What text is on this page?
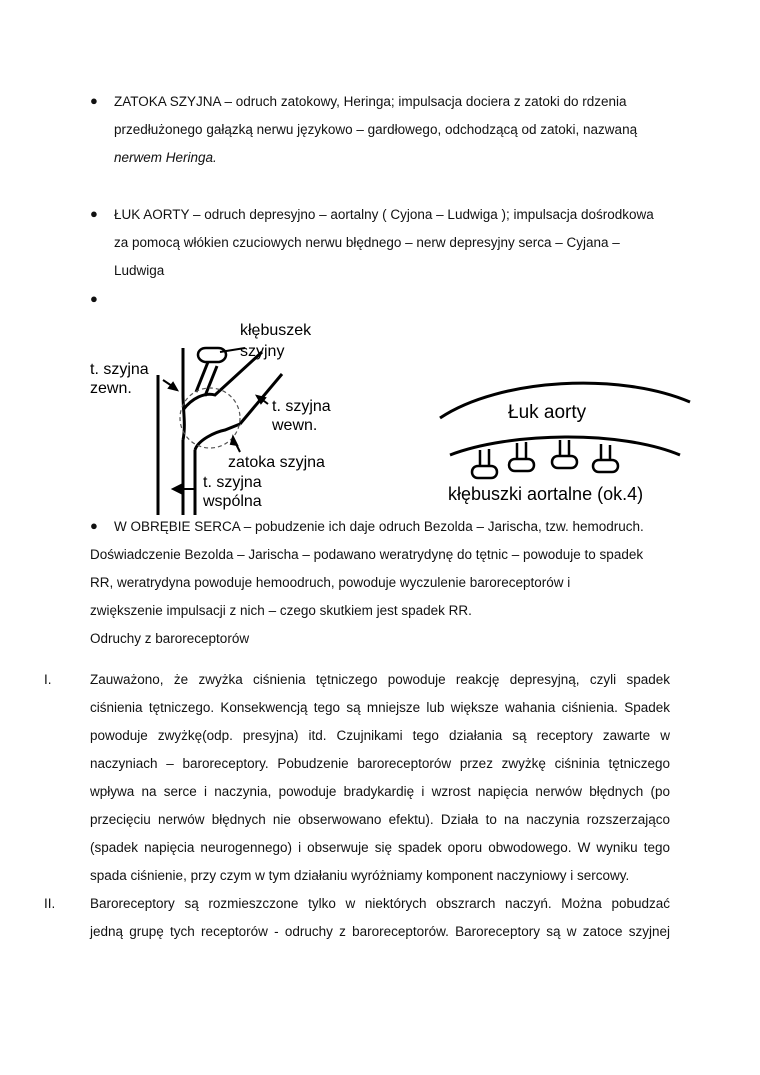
● ZATOKA SZYJNA – odruch zatokowy, Heringa; impulsacja dociera z zatoki do rdzenia
przedłużonego gałązką nerwu językowo – gardłowego, odchodzącą od zatoki, nazwaną
nerwem Heringa.
● ŁUK AORTY – odruch depresyjno – aortalny ( Cyjona – Ludwiga ); impulsacja dośrodkowa
za pomocą włókien czuciowych nerwu błędnego – nerw depresyjny serca – Cyjana –
Ludwiga
●
kłębuszek
szyjny
t. szyjna
zewn.
t. szyjna
wewn.
zatoka szyjna
t. szyjna
wspólna
Łuk aorty
kłębuszki aortalne (ok.4)
● W OBRĘBIE SERCA – pobudzenie ich daje odruch Bezolda – Jarischa, tzw. hemodruch.
Doświadczenie Bezolda – Jarischa – podawano weratrydynę do tętnic – powoduje to spadek
RR, weratrydyna powoduje hemoodruch, powoduje wyczulenie baroreceptorów i
zwiększenie impulsacji z nich – czego skutkiem jest spadek RR.
Odruchy z baroreceptorów
I.	Zauważono, że zwyżka ciśnienia tętniczego powoduje reakcję depresyjną, czyli spadek
ciśnienia tętniczego. Konsekwencją tego są mniejsze lub większe wahania ciśnienia. Spadek
powoduje zwyżkę(odp. presyjna) itd. Czujnikami tego działania są receptory zawarte w
naczyniach – baroreceptory. Pobudzenie baroreceptorów przez zwyżkę ciśninia tętniczego
wpływa na serce i naczynia, powoduje bradykardię i wzrost napięcia nerwów błędnych (po
przecięciu nerwów błędnych nie obserwowano efektu). Działa to na naczynia rozszerzająco
(spadek napięcia neurogennego) i obserwuje się spadek oporu obwodowego. W wyniku tego
spada ciśnienie, przy czym w tym działaniu wyróżniamy komponent naczyniowy i sercowy.
II.	Baroreceptory są rozmieszczone tylko w niektórych obszrarch naczyń. Można pobudzać
jedną grupę tych receptorów - odruchy z baroreceptorów. Baroreceptory są w zatoce szyjnej
